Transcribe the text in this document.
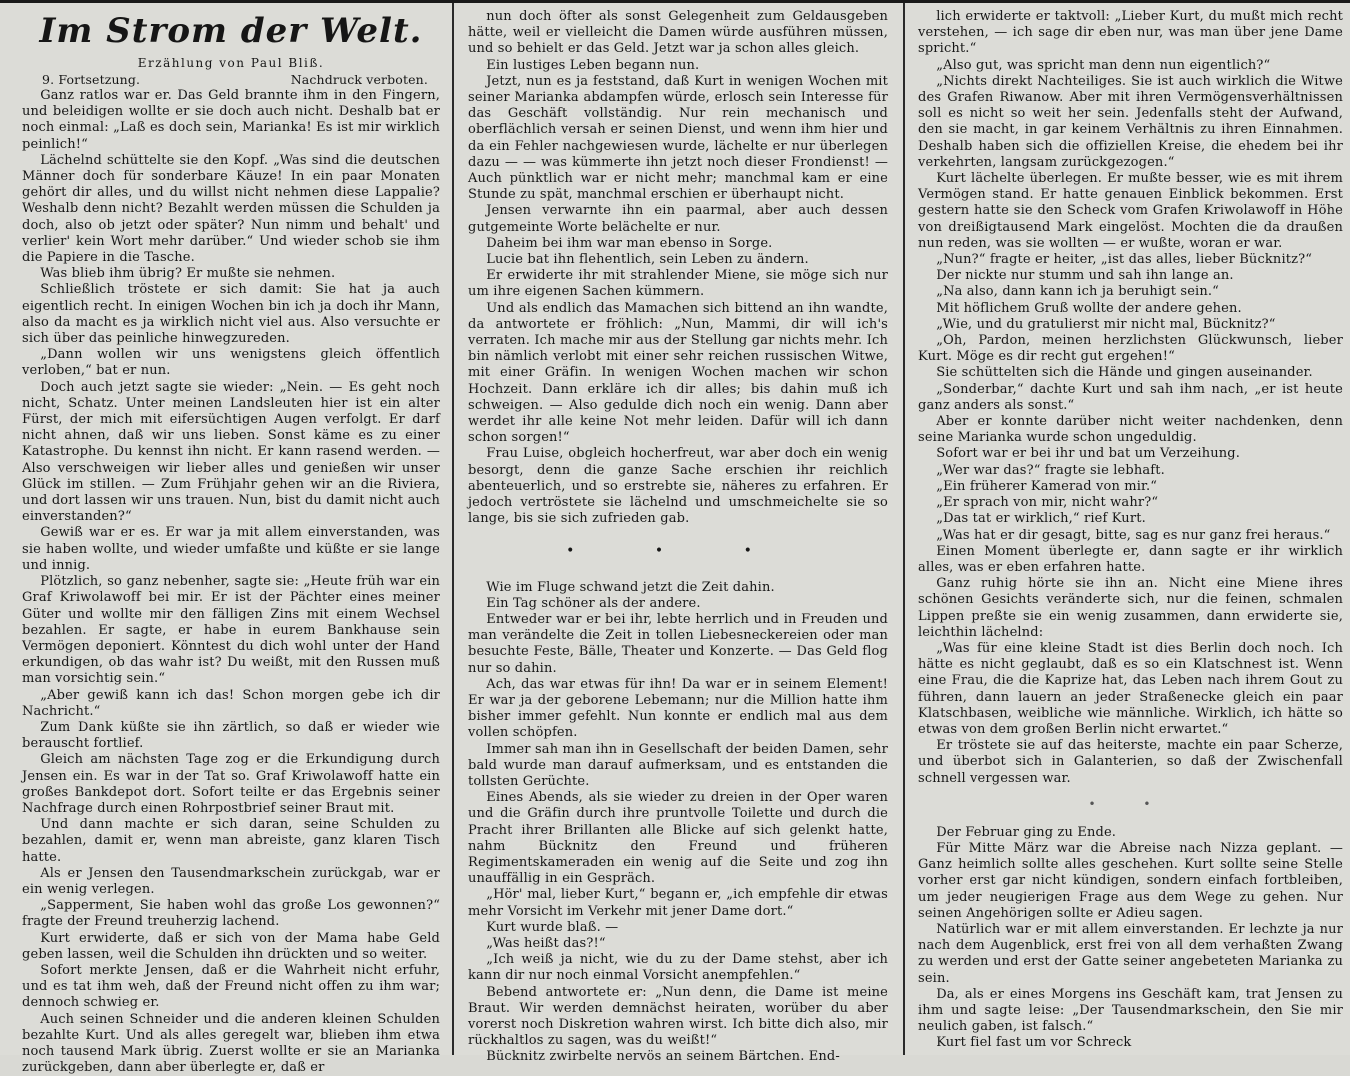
Im Strom der Welt.
Erzählung von Paul Bliß.
9. Fortsetzung.	Nachdruck verboten.

Ganz ratlos war er. Das Geld brannte ihm in den Fingern, und beleidigen wollte er sie doch auch nicht. Deshalb bat er noch einmal: „Laß es doch sein, Marianka! Es ist mir wirklich peinlich!“

Lächelnd schüttelte sie den Kopf. „Was sind die deutschen Männer doch für sonderbare Käuze! In ein paar Monaten gehört dir alles, und du willst nicht nehmen diese Lappalie? Weshalb denn nicht? Bezahlt werden müssen die Schulden ja doch, also ob jetzt oder später? Nun nimm und behalt' und verlier' kein Wort mehr darüber.“ Und wieder schob sie ihm die Papiere in die Tasche.

Was blieb ihm übrig? Er mußte sie nehmen.

Schließlich tröstete er sich damit: Sie hat ja auch eigentlich recht. In einigen Wochen bin ich ja doch ihr Mann, also da macht es ja wirklich nicht viel aus. Also versuchte er sich über das peinliche hinwegzureden.

„Dann wollen wir uns wenigstens gleich öffentlich verloben,“ bat er nun.

Doch auch jetzt sagte sie wieder: „Nein. — Es geht noch nicht, Schatz. Unter meinen Landsleuten hier ist ein alter Fürst, der mich mit eifersüchtigen Augen verfolgt. Er darf nicht ahnen, daß wir uns lieben. Sonst käme es zu einer Katastrophe. Du kennst ihn nicht. Er kann rasend werden. — Also verschweigen wir lieber alles und genießen wir unser Glück im stillen. — Zum Frühjahr gehen wir an die Riviera, und dort lassen wir uns trauen. Nun, bist du damit nicht auch einverstanden?“

Gewiß war er es. Er war ja mit allem einverstanden, was sie haben wollte, und wieder umfaßte und küßte er sie lange und innig.

Plötzlich, so ganz nebenher, sagte sie: „Heute früh war ein Graf Kriwolawoff bei mir. Er ist der Pächter eines meiner Güter und wollte mir den fälligen Zins mit einem Wechsel bezahlen. Er sagte, er habe in eurem Bankhause sein Vermögen deponiert. Könntest du dich wohl unter der Hand erkundigen, ob das wahr ist? Du weißt, mit den Russen muß man vorsichtig sein.“

„Aber gewiß kann ich das! Schon morgen gebe ich dir Nachricht.“

Zum Dank küßte sie ihn zärtlich, so daß er wieder wie berauscht fortlief.

Gleich am nächsten Tage zog er die Erkundigung durch Jensen ein. Es war in der Tat so. Graf Kriwolawoff hatte ein großes Bankdepot dort. Sofort teilte er das Ergebnis seiner Nachfrage durch einen Rohrpostbrief seiner Braut mit.

Und dann machte er sich daran, seine Schulden zu bezahlen, damit er, wenn man abreiste, ganz klaren Tisch hatte.

Als er Jensen den Tausendmarkschein zurückgab, war er ein wenig verlegen.

„Sapperment, Sie haben wohl das große Los gewonnen?“ fragte der Freund treuherzig lachend.

Kurt erwiderte, daß er sich von der Mama habe Geld geben lassen, weil die Schulden ihn drückten und so weiter.

Sofort merkte Jensen, daß er die Wahrheit nicht erfuhr, und es tat ihm weh, daß der Freund nicht offen zu ihm war; dennoch schwieg er.

Auch seinen Schneider und die anderen kleinen Schulden bezahlte Kurt. Und als alles geregelt war, blieben ihm etwa noch tausend Mark übrig. Zuerst wollte er sie an Marianka zurückgeben, dann aber überlegte er, daß er

nun doch öfter als sonst Gelegenheit zum Geldausgeben hätte, weil er vielleicht die Damen würde ausführen müssen, und so behielt er das Geld. Jetzt war ja schon alles gleich.

Ein lustiges Leben begann nun.

Jetzt, nun es ja feststand, daß Kurt in wenigen Wochen mit seiner Marianka abdampfen würde, erlosch sein Interesse für das Geschäft vollständig. Nur rein mechanisch und oberflächlich versah er seinen Dienst, und wenn ihm hier und da ein Fehler nachgewiesen wurde, lächelte er nur überlegen dazu — — was kümmerte ihn jetzt noch dieser Frondienst! — Auch pünktlich war er nicht mehr; manchmal kam er eine Stunde zu spät, manchmal erschien er überhaupt nicht.

Jensen verwarnte ihn ein paarmal, aber auch dessen gutgemeinte Worte belächelte er nur.

Daheim bei ihm war man ebenso in Sorge.

Lucie bat ihn flehentlich, sein Leben zu ändern.

Er erwiderte ihr mit strahlender Miene, sie möge sich nur um ihre eigenen Sachen kümmern.

Und als endlich das Mamachen sich bittend an ihn wandte, da antwortete er fröhlich: „Nun, Mammi, dir will ich's verraten. Ich mache mir aus der Stellung gar nichts mehr. Ich bin nämlich verlobt mit einer sehr reichen russischen Witwe, mit einer Gräfin. In wenigen Wochen machen wir schon Hochzeit. Dann erkläre ich dir alles; bis dahin muß ich schweigen. — Also gedulde dich noch ein wenig. Dann aber werdet ihr alle keine Not mehr leiden. Dafür will ich dann schon sorgen!“

Frau Luise, obgleich hocherfreut, war aber doch ein wenig besorgt, denn die ganze Sache erschien ihr reichlich abenteuerlich, und so erstrebte sie, näheres zu erfahren. Er jedoch vertröstete sie lächelnd und umschmeichelte sie so lange, bis sie sich zufrieden gab.

• • •

Wie im Fluge schwand jetzt die Zeit dahin.

Ein Tag schöner als der andere.

Entweder war er bei ihr, lebte herrlich und in Freuden und man verändelte die Zeit in tollen Liebesneckereien oder man besuchte Feste, Bälle, Theater und Konzerte. — Das Geld flog nur so dahin.

Ach, das war etwas für ihn! Da war er in seinem Element! Er war ja der geborene Lebemann; nur die Million hatte ihm bisher immer gefehlt. Nun konnte er endlich mal aus dem vollen schöpfen.

Immer sah man ihn in Gesellschaft der beiden Damen, sehr bald wurde man darauf aufmerksam, und es entstanden die tollsten Gerüchte.

Eines Abends, als sie wieder zu dreien in der Oper waren und die Gräfin durch ihre pruntvolle Toilette und durch die Pracht ihrer Brillanten alle Blicke auf sich gelenkt hatte, nahm Bücknitz den Freund und früheren Regimentskameraden ein wenig auf die Seite und zog ihn unauffällig in ein Gespräch.

„Hör' mal, lieber Kurt,“ begann er, „ich empfehle dir etwas mehr Vorsicht im Verkehr mit jener Dame dort.“

Kurt wurde blaß. —

„Was heißt das?!“

„Ich weiß ja nicht, wie du zu der Dame stehst, aber ich kann dir nur noch einmal Vorsicht anempfehlen.“

Bebend antwortete er: „Nun denn, die Dame ist meine Braut. Wir werden demnächst heiraten, worüber du aber vorerst noch Diskretion wahren wirst. Ich bitte dich also, mir rückhaltlos zu sagen, was du weißt!“

Bücknitz zwirbelte nervös an seinem Bärtchen. End-

lich erwiderte er taktvoll: „Lieber Kurt, du mußt mich recht verstehen, — ich sage dir eben nur, was man über jene Dame spricht.“

„Also gut, was spricht man denn nun eigentlich?“

„Nichts direkt Nachteiliges. Sie ist auch wirklich die Witwe des Grafen Riwanow. Aber mit ihren Vermögensverhältnissen soll es nicht so weit her sein. Jedenfalls steht der Aufwand, den sie macht, in gar keinem Verhältnis zu ihren Einnahmen. Deshalb haben sich die offiziellen Kreise, die ehedem bei ihr verkehrten, langsam zurückgezogen.“

Kurt lächelte überlegen. Er mußte besser, wie es mit ihrem Vermögen stand. Er hatte genauen Einblick bekommen. Erst gestern hatte sie den Scheck vom Grafen Kriwolawoff in Höhe von dreißigtausend Mark eingelöst. Mochten die da draußen nun reden, was sie wollten — er wußte, woran er war.

„Nun?“ fragte er heiter, „ist das alles, lieber Bücknitz?“

Der nickte nur stumm und sah ihn lange an.

„Na also, dann kann ich ja beruhigt sein.“

Mit höflichem Gruß wollte der andere gehen.

„Wie, und du gratulierst mir nicht mal, Bücknitz?“

„Oh, Pardon, meinen herzlichsten Glückwunsch, lieber Kurt. Möge es dir recht gut ergehen!“

Sie schüttelten sich die Hände und gingen auseinander.

„Sonderbar,“ dachte Kurt und sah ihm nach, „er ist heute ganz anders als sonst.“

Aber er konnte darüber nicht weiter nachdenken, denn seine Marianka wurde schon ungeduldig.

Sofort war er bei ihr und bat um Verzeihung.

„Wer war das?“ fragte sie lebhaft.

„Ein früherer Kamerad von mir.“

„Er sprach von mir, nicht wahr?“

„Das tat er wirklich,“ rief Kurt.

„Was hat er dir gesagt, bitte, sag es nur ganz frei heraus.“

Einen Moment überlegte er, dann sagte er ihr wirklich alles, was er eben erfahren hatte.

Ganz ruhig hörte sie ihn an. Nicht eine Miene ihres schönen Gesichts veränderte sich, nur die feinen, schmalen Lippen preßte sie ein wenig zusammen, dann erwiderte sie, leichthin lächelnd:

„Was für eine kleine Stadt ist dies Berlin doch noch. Ich hätte es nicht geglaubt, daß es so ein Klatschnest ist. Wenn eine Frau, die die Kaprize hat, das Leben nach ihrem Gout zu führen, dann lauern an jeder Straßenecke gleich ein paar Klatschbasen, weibliche wie männliche. Wirklich, ich hätte so etwas von dem großen Berlin nicht erwartet.“

Er tröstete sie auf das heiterste, machte ein paar Scherze, und überbot sich in Galanterien, so daß der Zwischenfall schnell vergessen war.

• •

Der Februar ging zu Ende.

Für Mitte März war die Abreise nach Nizza geplant. — Ganz heimlich sollte alles geschehen. Kurt sollte seine Stelle vorher erst gar nicht kündigen, sondern einfach fortbleiben, um jeder neugierigen Frage aus dem Wege zu gehen. Nur seinen Angehörigen sollte er Adieu sagen.

Natürlich war er mit allem einverstanden. Er lechzte ja nur nach dem Augenblick, erst frei von all dem verhaßten Zwang zu werden und erst der Gatte seiner angebeteten Marianka zu sein.

Da, als er eines Morgens ins Geschäft kam, trat Jensen zu ihm und sagte leise: „Der Tausendmarkschein, den Sie mir neulich gaben, ist falsch.“

Kurt fiel fast um vor Schreck
